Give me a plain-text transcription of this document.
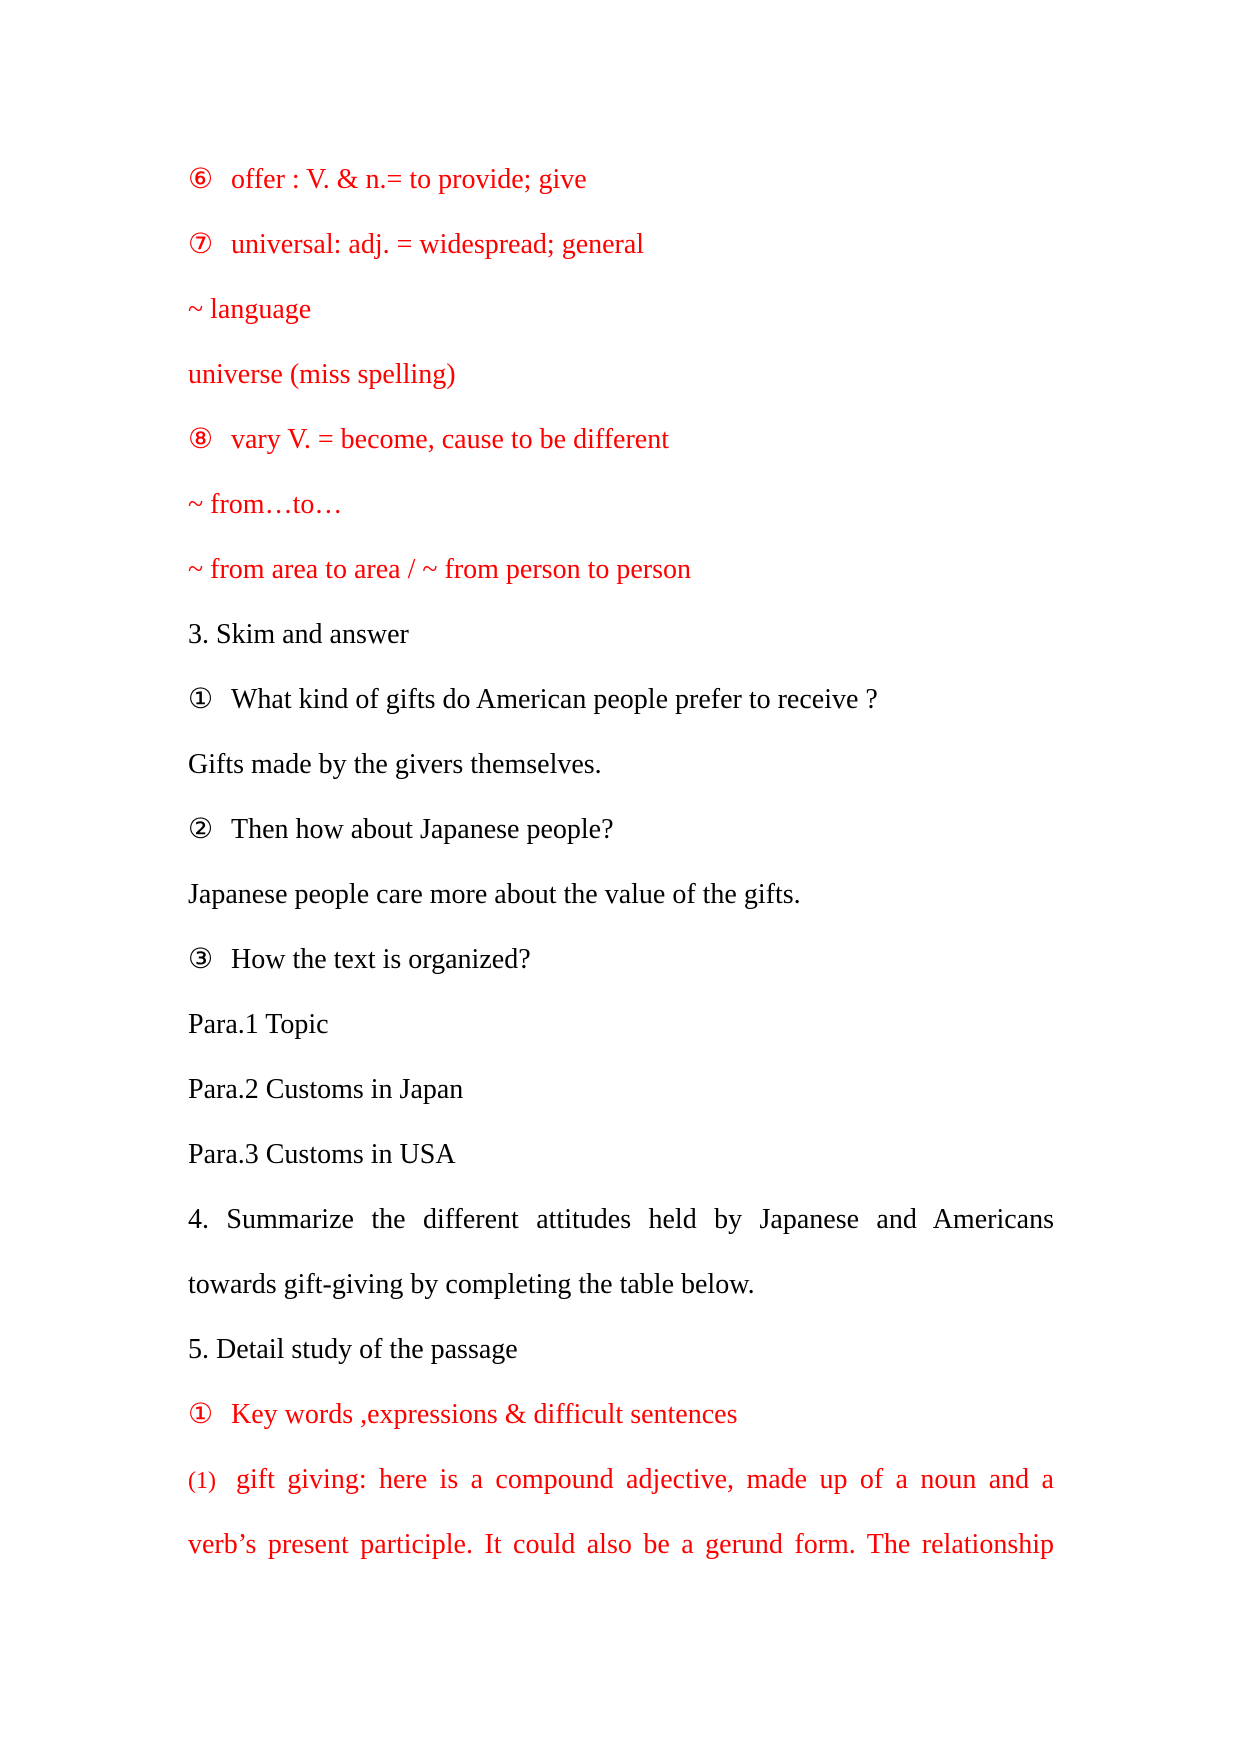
⑥ offer : V. & n.= to provide; give
⑦ universal: adj. = widespread; general
~ language
universe (miss spelling)
⑧ vary V. = become, cause to be different
~ from…to…
~ from area to area / ~ from person to person
3. Skim and answer
① What kind of gifts do American people prefer to receive ?
Gifts made by the givers themselves.
② Then how about Japanese people?
Japanese people care more about the value of the gifts.
③ How the text is organized?
Para.1 Topic
Para.2 Customs in Japan
Para.3 Customs in USA
4. Summarize the different attitudes held by Japanese and Americans
towards gift-giving by completing the table below.
5. Detail study of the passage
① Key words ,expressions & difficult sentences
(1) gift giving: here is a compound adjective, made up of a noun and a
verb’s present participle. It could also be a gerund form. The relationship
